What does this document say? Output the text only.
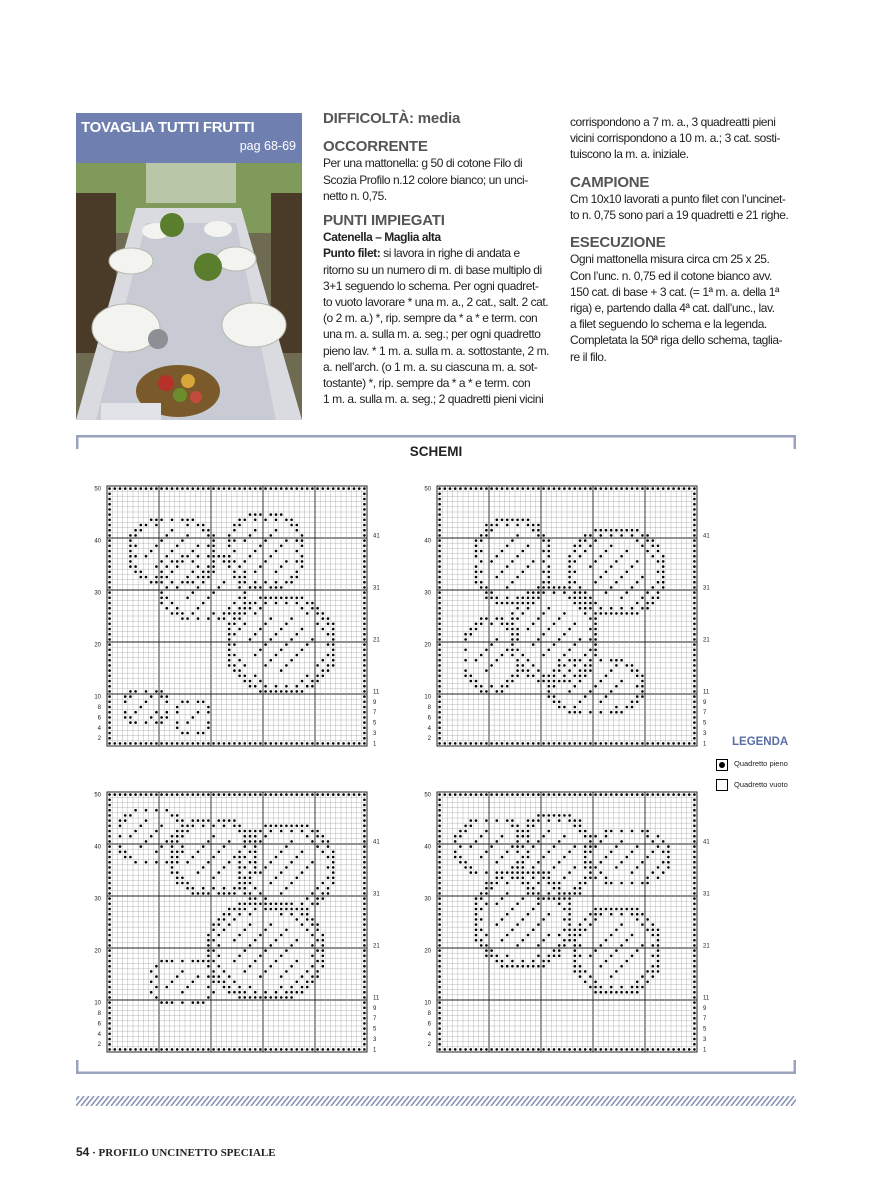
TOVAGLIA TUTTI FRUTTI
pag 68-69
DIFFICOLTÀ: media
OCCORRENTE
Per una mattonella: g 50 di cotone Filo di
Scozia Profilo n.12 colore bianco; un unci-
netto n. 0,75.
PUNTI IMPIEGATI
Catenella – Maglia alta
Punto filet: si lavora in righe di andata e
ritorno su un numero di m. di base multiplo di
3+1 seguendo lo schema. Per ogni quadret-
to vuoto lavorare * una m. a., 2 cat., salt. 2 cat.
(o 2 m. a.) *, rip. sempre da * a * e term. con
una m. a. sulla m. a. seg.; per ogni quadretto
pieno lav. * 1 m. a. sulla m. a. sottostante, 2 m.
a. nell’arch. (o 1 m. a. su ciascuna m. a. sot-
tostante) *, rip. sempre da * a * e term. con
1 m. a. sulla m. a. seg.; 2 quadretti pieni vicini
corrispondono a 7 m. a., 3 quadreatti pieni
vicini corrispondono a 10 m. a.; 3 cat. sosti-
tuiscono la m. a. iniziale.
CAMPIONE
Cm 10x10 lavorati a punto filet con l’uncinet-
to n. 0,75 sono pari a 19 quadretti e 21 righe.
ESECUZIONE
Ogni mattonella misura circa cm 25 x 25.
Con l’unc. n. 0,75 ed il cotone bianco avv.
150 cat. di base + 3 cat. (= 1ª m. a. della 1ª
riga) e, partendo dalla 4ª cat. dall’unc., lav.
a filet seguendo lo schema e la legenda.
Completata la 50ª riga dello schema, taglia-
re il filo.
SCHEMI
50
40
30
20
10
8
6
4
2
41
31
21
11
9
7
5
3
1
50
40
30
20
10
8
6
4
2
41
31
21
11
9
7
5
3
1
50
40
30
20
10
8
6
4
2
41
31
21
11
9
7
5
3
1
50
40
30
20
10
8
6
4
2
41
31
21
11
9
7
5
3
1
LEGENDA
Quadretto pieno
Quadretto vuoto
54 · PROFILO UNCINETTO SPECIALE
